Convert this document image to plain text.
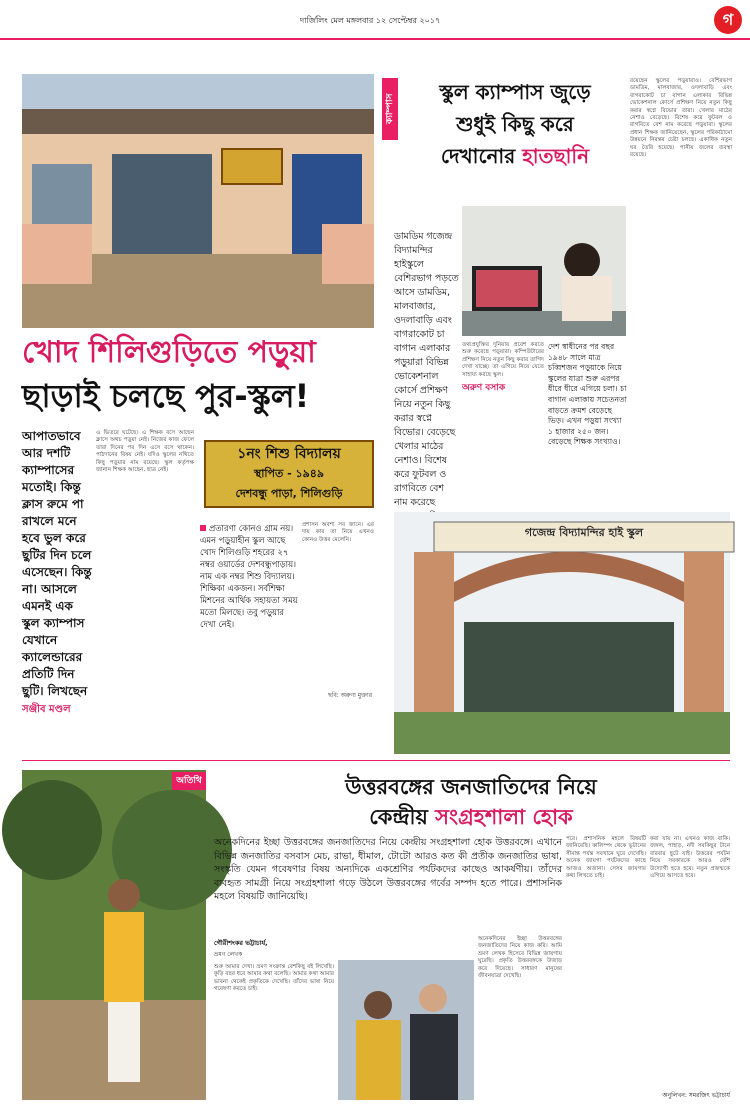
দার্জিলিং মেল মঙ্গলবার ১২ সেপ্টেম্বর ২০১৭	গ
খোদ শিলিগুড়িতে পড়ুয়া
ছাড়াই চলছে পুর-স্কুল!
আপাতভাবে আর দশটি ক্যাম্পাসের মতোই। কিন্তু ক্লাস রুমে পা রাখলে মনে হবে ভুল করে ছুটির দিন চলে এসেছেন। কিন্তু না। আসলে এমনই এক স্কুল ক্যাম্পাস যেখানে ক্যালেন্ডারের প্রতিটি দিন ছুটি। লিখছেন
সঞ্জীব মণ্ডল
এ ভিতরে ঘটেছে। এ শিক্ষক বসে আছেন ক্লাসে অথচ পড়ুয়া নেই। নিজের কাজ ফেলে তারা দিনের পর দিন এসে বসে থাকেন। পাঠদানের বিষয় নেই। যদিও স্কুলের নথিতে কিছু পড়ুয়ার নাম রয়েছে। স্কুল কর্তৃপক্ষ জানান শিক্ষক আছেন, ছাত্র নেই।
১নং শিশু বিদ্যালয়
স্থাপিত - ১৯৪৯
দেশবন্ধু পাড়া, শিলিগুড়ি
প্রতারণা কোনও গ্রাম নয়। এমন পড়ুয়াহীন স্কুল আছে খোদ শিলিগুড়ি শহরের ২৭ নম্বর ওয়ার্ডের দেশবন্ধুপাড়ায়। নাম এক নম্বর শিশু বিদ্যালয়। শিক্ষিকা একজন। সর্বশিক্ষা মিশনের আর্থিক সহায়তা সময় মতো মিলছে। তবু পড়ুয়ার দেখা নেই।
প্রশাসন অবশ্য সব জানে। এর দায় কার তা নিয়ে এখনও কোনও উত্তর মেলেনি।
ছবি: অরুণা মুক্তার
ক্যাম্পাস
স্কুল ক্যাম্পাস জুড়ে
শুধুই কিছু করে
দেখানোর হাতছানি
রয়েছেন স্কুলের পড়ুয়ারাও। বেশিরভাগ ডামডিম, মালবাজার, ওদলাবাড়ি এবং বাগরাকোট চা বাগান এলাকার বিভিন্ন ভোকেশনাল কোর্সে প্রশিক্ষণ নিয়ে নতুন কিছু করার স্বপ্নে বিভোর তারা। খেলার মাঠের নেশাও বেড়েছে। বিশেষ করে ফুটবল ও রাগবিতে বেশ নাম করেছে পড়ুয়ারা। স্কুলের প্রধান শিক্ষক জানিয়েছেন, স্কুলের পরিকাঠামো উন্নয়নে নিরন্তর চেষ্টা চলছে। একাধিক নতুন ঘর তৈরি হয়েছে। পানীয় জলের ব্যবস্থা রয়েছে।
ডামডিম গজেন্দ্র বিদ্যামন্দির হাইস্কুলে বেশিরভাগ পড়তে আসে ডামডিম, মালবাজার, ওদলাবাড়ি এবং বাগরাকোট চা বাগান এলাকার পড়ুয়ারা বিভিন্ন ভোকেশনাল কোর্সে প্রশিক্ষণ নিয়ে নতুন কিছু করার স্বপ্নে বিভোর। বেড়েছে খেলার মাঠের নেশাও। বিশেষ করে ফুটবল ও রাগবিতে বেশ নাম করেছে
তথ্যপ্রযুক্তির দুনিয়ায় প্রবেশ করতে শুরু করেছে পড়ুয়ারা। কম্পিউটারের প্রশিক্ষণ নিয়ে নতুন কিছু করার তাগিদ দেখা যাচ্ছে। তা এগিয়ে নিয়ে যেতে সাহায্য করছে স্কুল।
অরুণ বসাক
দেশ স্বাধীনের পর বছর ১৯৪৮ সালে মাত্র চব্বিশজন পড়ুয়াকে নিয়ে স্কুলের যাত্রা শুরু এরপর ধীরে ধীরে এগিয়ে চলা। চা বাগান এলাকায় সচেতনতা বাড়তে ক্রমশ বেড়েছে ভিড়। এখন পড়ুয়া সংখ্যা ১ হাজার ২৫০ জন। বেড়েছে শিক্ষক সংখ্যাও।
গজেন্দ্র বিদ্যামন্দির হাই স্কুল
অতিথি	উত্তরবঙ্গের জনজাতিদের নিয়ে
কেন্দ্রীয় সংগ্রহশালা হোক
অনেকদিনের ইচ্ছা উত্তরবঙ্গের জনজাতিদের নিয়ে কেন্দ্রীয় সংগ্রহশালা হোক উত্তরবঙ্গে। এখানে বিভিন্ন জনজাতির বসবাস মেচ, রাভা, ধীমাল, টোটো আরও কত কী প্রতীক জনজাতির ভাষা, সংস্কৃতি যেমন গবেষণার বিষয় অন্যদিকে একশ্রেণির পর্যটকদের কাছেও আকর্ষণীয়। তাঁদের ব্যবহৃত সামগ্রী নিয়ে সংগ্রহশালা গড়ে উঠলে উত্তরবঙ্গের গর্বের সম্পদ হতে পারে। প্রশাসনিক মহলে বিষয়টি জানিয়েছি।
গৌরীশংকর ভট্টাচার্য,
ভ্রমণ লেখক
শুরু আমার দেখা। ভ্রমণ সংক্রান্ত বেশকিছু বই লিখেছি। কুড়ি বছর ধরে আমার কথা বলেছি। আমার কথা আমার ভাবনা থেকেই প্রকৃতিকে দেখেছি। তাঁদের ভাষা নিয়ে গবেষণা করতে চাই।
অনেকদিনের ইচ্ছা উত্তরবঙ্গের জনজাতিদের নিয়ে কাজ করি। আমি ভ্রমণ লেখক হিসেবে বিভিন্ন জায়গায় ঘুরেছি। প্রকৃতি উত্তরবঙ্গকে উজাড় করে দিয়েছে। সাধারণ মানুষের জীবনযাত্রা দেখেছি।
পরে। প্রশাসনিক মহলে বিষয়টি জানিয়েছি। কালিম্পং থেকে ভূটানের সীমান্ত পর্যন্ত সবখানে ঘুরে দেখেছি। অনেক জায়গা পর্যটকদের কাছে আজও অজানা। সেসব জায়গার কথা লিখতে চাই।
করা যায় না। এখনও কাজ বাকি। জঙ্গল, পাহাড়, নদী সবকিছুর টানে বারবার ছুটে যাই। উত্তরের পর্যটন নিয়ে সরকারকে আরও বেশি উদ্যোগী হতে হবে। নতুন প্রজন্মকে এগিয়ে আসতে হবে।
অনুলিখন: সমরজিৎ ভট্টাচার্য
